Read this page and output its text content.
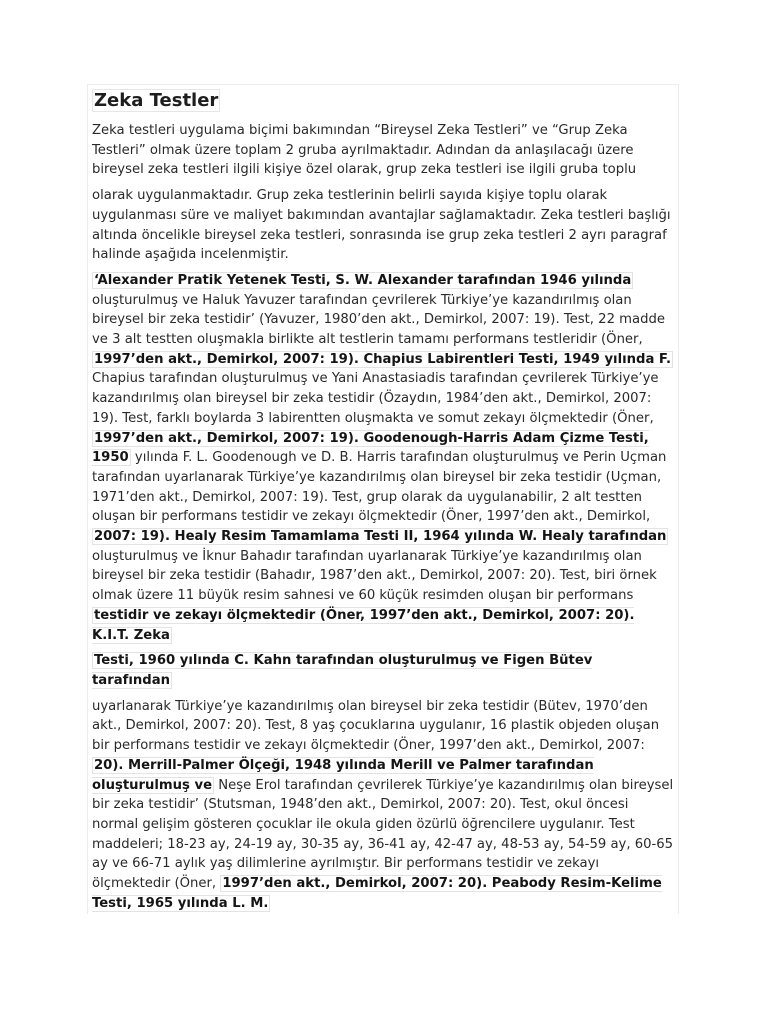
Zeka Testler

Zeka testleri uygulama biçimi bakımından “Bireysel Zeka Testleri” ve “Grup Zeka Testleri” olmak üzere toplam 2 gruba ayrılmaktadır. Adından da anlaşılacağı üzere bireysel zeka testleri ilgili kişiye özel olarak, grup zeka testleri ise ilgili gruba toplu

olarak uygulanmaktadır. Grup zeka testlerinin belirli sayıda kişiye toplu olarak uygulanması süre ve maliyet bakımından avantajlar sağlamaktadır. Zeka testleri başlığı altında öncelikle bireysel zeka testleri, sonrasında ise grup zeka testleri 2 ayrı paragraf halinde aşağıda incelenmiştir.

‘Alexander Pratik Yetenek Testi, S. W. Alexander tarafından 1946 yılında oluşturulmuş ve Haluk Yavuzer tarafından çevrilerek Türkiye’ye kazandırılmış olan bireysel bir zeka testidir’ (Yavuzer, 1980’den akt., Demirkol, 2007: 19). Test, 22 madde ve 3 alt testten oluşmakla birlikte alt testlerin tamamı performans testleridir (Öner, 1997’den akt., Demirkol, 2007: 19). Chapius Labirentleri Testi, 1949 yılında F. Chapius tarafından oluşturulmuş ve Yani Anastasiadis tarafından çevrilerek Türkiye’ye kazandırılmış olan bireysel bir zeka testidir (Özaydın, 1984’den akt., Demirkol, 2007: 19). Test, farklı boylarda 3 labirentten oluşmakta ve somut zekayı ölçmektedir (Öner, 1997’den akt., Demirkol, 2007: 19). Goodenough-Harris Adam Çizme Testi, 1950 yılında F. L. Goodenough ve D. B. Harris tarafından oluşturulmuş ve Perin Uçman tarafından uyarlanarak Türkiye’ye kazandırılmış olan bireysel bir zeka testidir (Uçman, 1971’den akt., Demirkol, 2007: 19). Test, grup olarak da uygulanabilir, 2 alt testten oluşan bir performans testidir ve zekayı ölçmektedir (Öner, 1997’den akt., Demirkol, 2007: 19). Healy Resim Tamamlama Testi II, 1964 yılında W. Healy tarafından oluşturulmuş ve İknur Bahadır tarafından uyarlanarak Türkiye’ye kazandırılmış olan bireysel bir zeka testidir (Bahadır, 1987’den akt., Demirkol, 2007: 20). Test, biri örnek olmak üzere 11 büyük resim sahnesi ve 60 küçük resimden oluşan bir performans testidir ve zekayı ölçmektedir (Öner, 1997’den akt., Demirkol, 2007: 20). K.I.T. Zeka

Testi, 1960 yılında C. Kahn tarafından oluşturulmuş ve Figen Bütev tarafından

uyarlanarak Türkiye’ye kazandırılmış olan bireysel bir zeka testidir (Bütev, 1970’den akt., Demirkol, 2007: 20). Test, 8 yaş çocuklarına uygulanır, 16 plastik objeden oluşan bir performans testidir ve zekayı ölçmektedir (Öner, 1997’den akt., Demirkol, 2007: 20). Merrill-Palmer Ölçeği, 1948 yılında Merill ve Palmer tarafından oluşturulmuş ve Neşe Erol tarafından çevrilerek Türkiye’ye kazandırılmış olan bireysel bir zeka testidir’ (Stutsman, 1948’den akt., Demirkol, 2007: 20). Test, okul öncesi normal gelişim gösteren çocuklar ile okula giden özürlü öğrencilere uygulanır. Test maddeleri; 18-23 ay, 24-19 ay, 30-35 ay, 36-41 ay, 42-47 ay, 48-53 ay, 54-59 ay, 60-65 ay ve 66-71 aylık yaş dilimlerine ayrılmıştır. Bir performans testidir ve zekayı ölçmektedir (Öner, 1997’den akt., Demirkol, 2007: 20). Peabody Resim-Kelime Testi, 1965 yılında L. M.
